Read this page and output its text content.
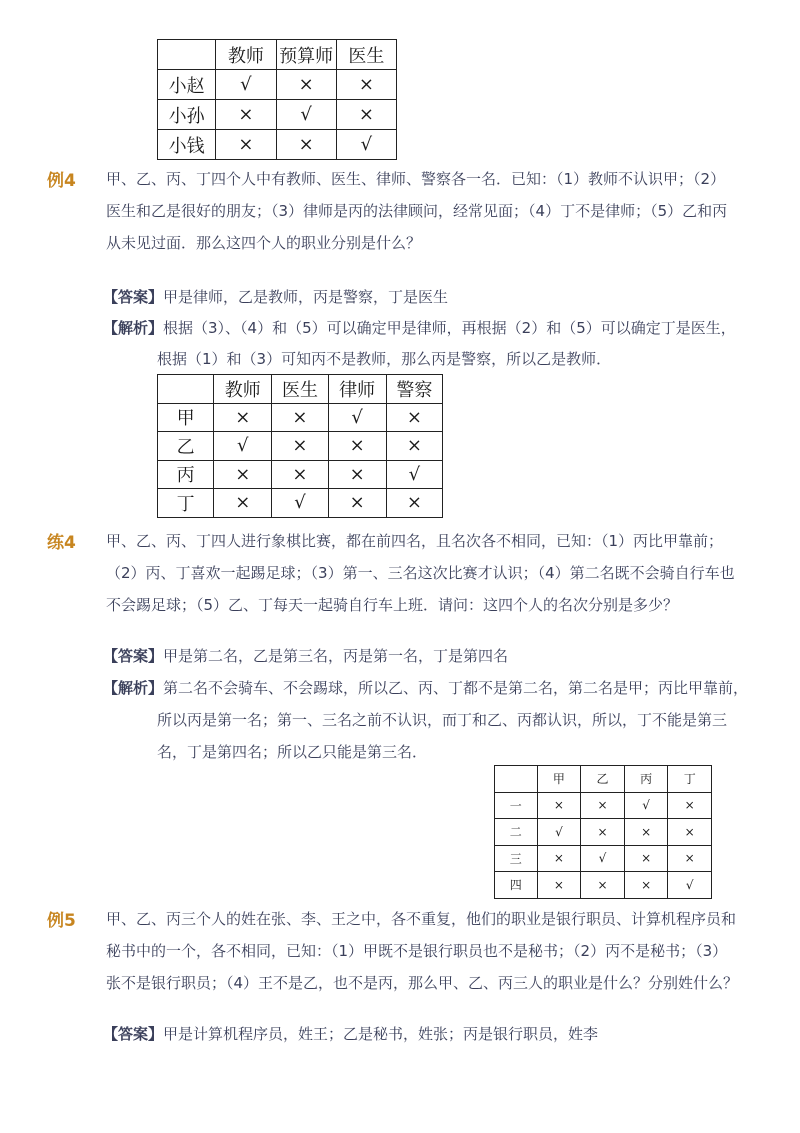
	教师	预算师	医生
小赵	√	×	×
小孙	×	√	×
小钱	×	×	√
例4 甲、乙、丙、丁四个人中有教师、医生、律师、警察各一名．已知：（1）教师不认识甲；（2）
医生和乙是很好的朋友；（3）律师是丙的法律顾问，经常见面；（4）丁不是律师；（5）乙和丙
从未见过面．那么这四个人的职业分别是什么？
【答案】甲是律师，乙是教师，丙是警察，丁是医生
【解析】根据（3）、（4）和（5）可以确定甲是律师，再根据（2）和（5）可以确定丁是医生，
根据（1）和（3）可知丙不是教师，那么丙是警察，所以乙是教师．
	教师	医生	律师	警察
甲	×	×	√	×
乙	√	×	×	×
丙	×	×	×	√
丁	×	√	×	×
练4 甲、乙、丙、丁四人进行象棋比赛，都在前四名，且名次各不相同，已知：（1）丙比甲靠前；
（2）丙、丁喜欢一起踢足球；（3）第一、三名这次比赛才认识；（4）第二名既不会骑自行车也
不会踢足球；（5）乙、丁每天一起骑自行车上班．请问：这四个人的名次分别是多少？
【答案】甲是第二名，乙是第三名，丙是第一名，丁是第四名
【解析】第二名不会骑车、不会踢球，所以乙、丙、丁都不是第二名，第二名是甲；丙比甲靠前，
所以丙是第一名；第一、三名之前不认识，而丁和乙、丙都认识，所以，丁不能是第三
名，丁是第四名；所以乙只能是第三名．
	甲	乙	丙	丁
一	×	×	√	×
二	√	×	×	×
三	×	√	×	×
四	×	×	×	√
例5 甲、乙、丙三个人的姓在张、李、王之中，各不重复，他们的职业是银行职员、计算机程序员和
秘书中的一个，各不相同，已知：（1）甲既不是银行职员也不是秘书；（2）丙不是秘书；（3）
张不是银行职员；（4）王不是乙，也不是丙，那么甲、乙、丙三人的职业是什么？分别姓什么？
【答案】甲是计算机程序员，姓王；乙是秘书，姓张；丙是银行职员，姓李
